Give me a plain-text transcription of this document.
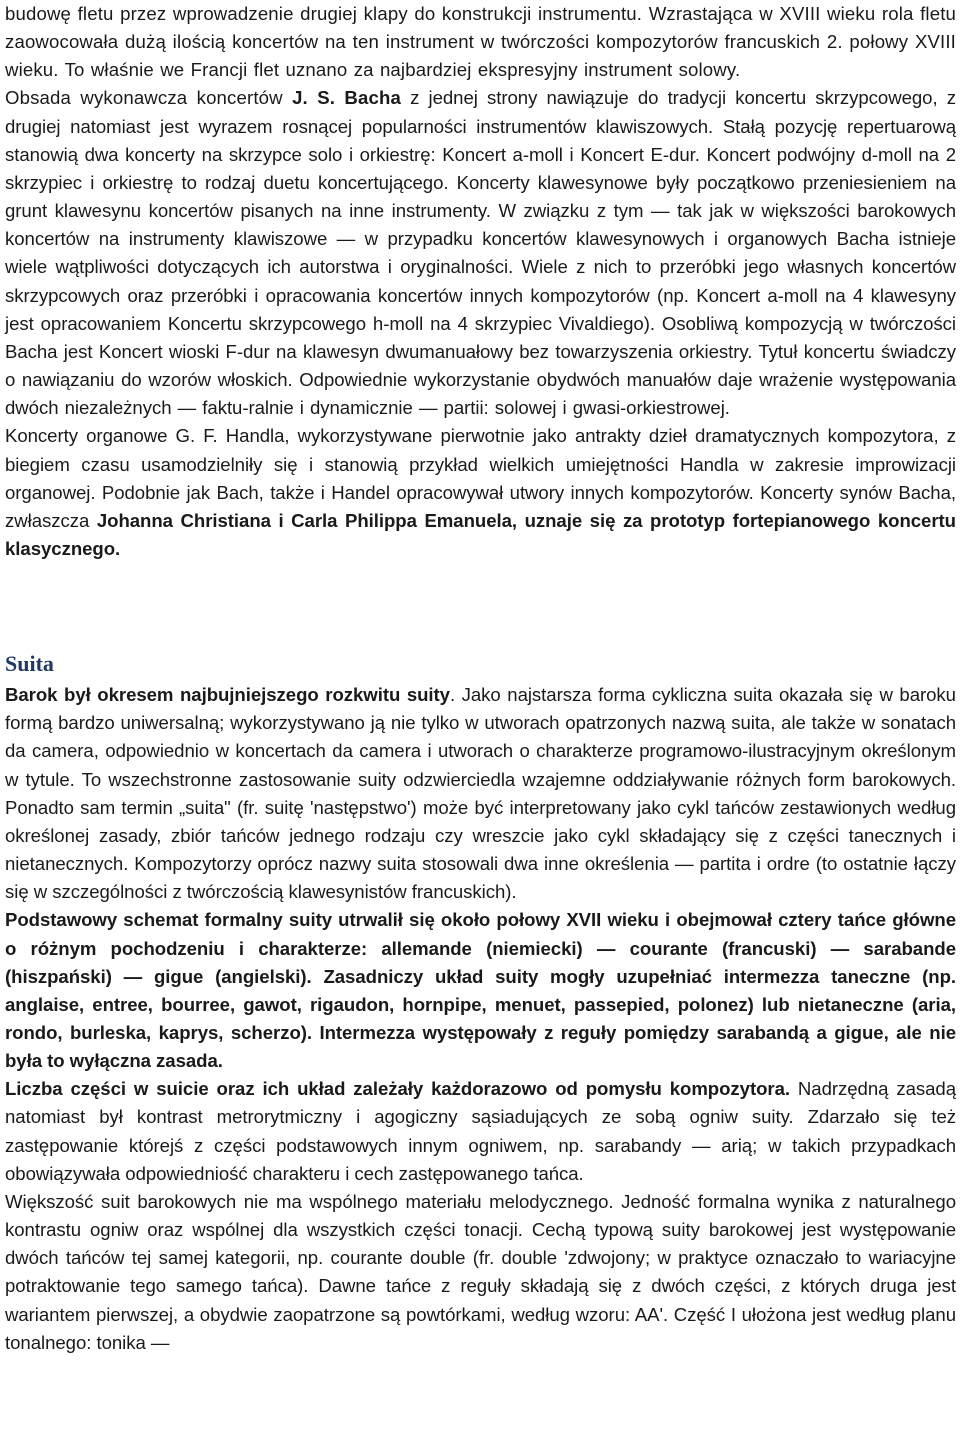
budowę fletu przez wprowadzenie drugiej klapy do konstrukcji instrumentu. Wzrastająca w XVIII wieku rola fletu zaowocowała dużą ilością koncertów na ten instrument w twórczości kompozytorów francuskich 2. połowy XVIII wieku. To właśnie we Francji flet uznano za najbardziej ekspresyjny instrument solowy.

Obsada wykonawcza koncertów J. S. Bacha z jednej strony nawiązuje do tradycji koncertu skrzypcowego, z drugiej natomiast jest wyrazem rosnącej popularności instrumentów klawiszowych. Stałą pozycję repertuarową stanowią dwa koncerty na skrzypce solo i orkiestrę: Koncert a-moll i Koncert E-dur. Koncert podwójny d-moll na 2 skrzypiec i orkiestrę to rodzaj duetu koncertującego. Koncerty klawesynowe były początkowo przeniesieniem na grunt klawesynu koncertów pisanych na inne instrumenty. W związku z tym — tak jak w większości barokowych koncertów na instrumenty klawiszowe — w przypadku koncertów klawesynowych i organowych Bacha istnieje wiele wątpliwości dotyczących ich autorstwa i oryginalności. Wiele z nich to przeróbki jego własnych koncertów skrzypcowych oraz przeróbki i opracowania koncertów innych kompozytorów (np. Koncert a-moll na 4 klawesyny jest opracowaniem Koncertu skrzypcowego h-moll na 4 skrzypiec Vivaldiego). Osobliwą kompozycją w twórczości Bacha jest Koncert wioski F-dur na klawesyn dwumanuałowy bez towarzyszenia orkiestry. Tytuł koncertu świadczy o nawiązaniu do wzorów włoskich. Odpowiednie wykorzystanie obydwóch manuałów daje wrażenie występowania dwóch niezależnych — faktu-ralnie i dynamicznie — partii: solowej i gwasi-orkiestrowej.

Koncerty organowe G. F. Handla, wykorzystywane pierwotnie jako antrakty dzieł dramatycznych kompozytora, z biegiem czasu usamodzielniły się i stanowią przykład wielkich umiejętności Handla w zakresie improwizacji organowej. Podobnie jak Bach, także i Handel opracowywał utwory innych kompozytorów. Koncerty synów Bacha, zwłaszcza Johanna Christiana i Carla Philippa Emanuela, uznaje się za prototyp fortepianowego koncertu klasycznego.

Suita

Barok był okresem najbujniejszego rozkwitu suity. Jako najstarsza forma cykliczna suita okazała się w baroku formą bardzo uniwersalną; wykorzystywano ją nie tylko w utworach opatrzonych nazwą suita, ale także w sonatach da camera, odpowiednio w koncertach da camera i utworach o charakterze programowo-ilustracyjnym określonym w tytule. To wszechstronne zastosowanie suity odzwierciedla wzajemne oddziaływanie różnych form barokowych. Ponadto sam termin „suita" (fr. suitę 'następstwo') może być interpretowany jako cykl tańców zestawionych według określonej zasady, zbiór tańców jednego rodzaju czy wreszcie jako cykl składający się z części tanecznych i nietanecznych. Kompozytorzy oprócz nazwy suita stosowali dwa inne określenia — partita i ordre (to ostatnie łączy się w szczególności z twórczością klawesynistów francuskich).

Podstawowy schemat formalny suity utrwalił się około połowy XVII wieku i obejmował cztery tańce główne o różnym pochodzeniu i charakterze: allemande (niemiecki) — courante (francuski) — sarabande (hiszpański) — gigue (angielski). Zasadniczy układ suity mogły uzupełniać intermezza taneczne (np. anglaise, entree, bourree, gawot, rigaudon, hornpipe, menuet, passepied, polonez) lub nietaneczne (aria, rondo, burleska, kaprys, scherzo). Intermezza występowały z reguły pomiędzy sarabandą a gigue, ale nie była to wyłączna zasada.

Liczba części w suicie oraz ich układ zależały każdorazowo od pomysłu kompozytora. Nadrzędną zasadą natomiast był kontrast metrorytmiczny i agogiczny sąsiadujących ze sobą ogniw suity. Zdarzało się też zastępowanie którejś z części podstawowych innym ogniwem, np. sarabandy — arią; w takich przypadkach obowiązywała odpowiedniość charakteru i cech zastępowanego tańca.

Większość suit barokowych nie ma wspólnego materiału melodycznego. Jedność formalna wynika z naturalnego kontrastu ogniw oraz wspólnej dla wszystkich części tonacji. Cechą typową suity barokowej jest występowanie dwóch tańców tej samej kategorii, np. courante double (fr. double 'zdwojony; w praktyce oznaczało to wariacyjne potraktowanie tego samego tańca). Dawne tańce z reguły składają się z dwóch części, z których druga jest wariantem pierwszej, a obydwie zaopatrzone są powtórkami, według wzoru: AA'. Część I ułożona jest według planu tonalnego: tonika —
